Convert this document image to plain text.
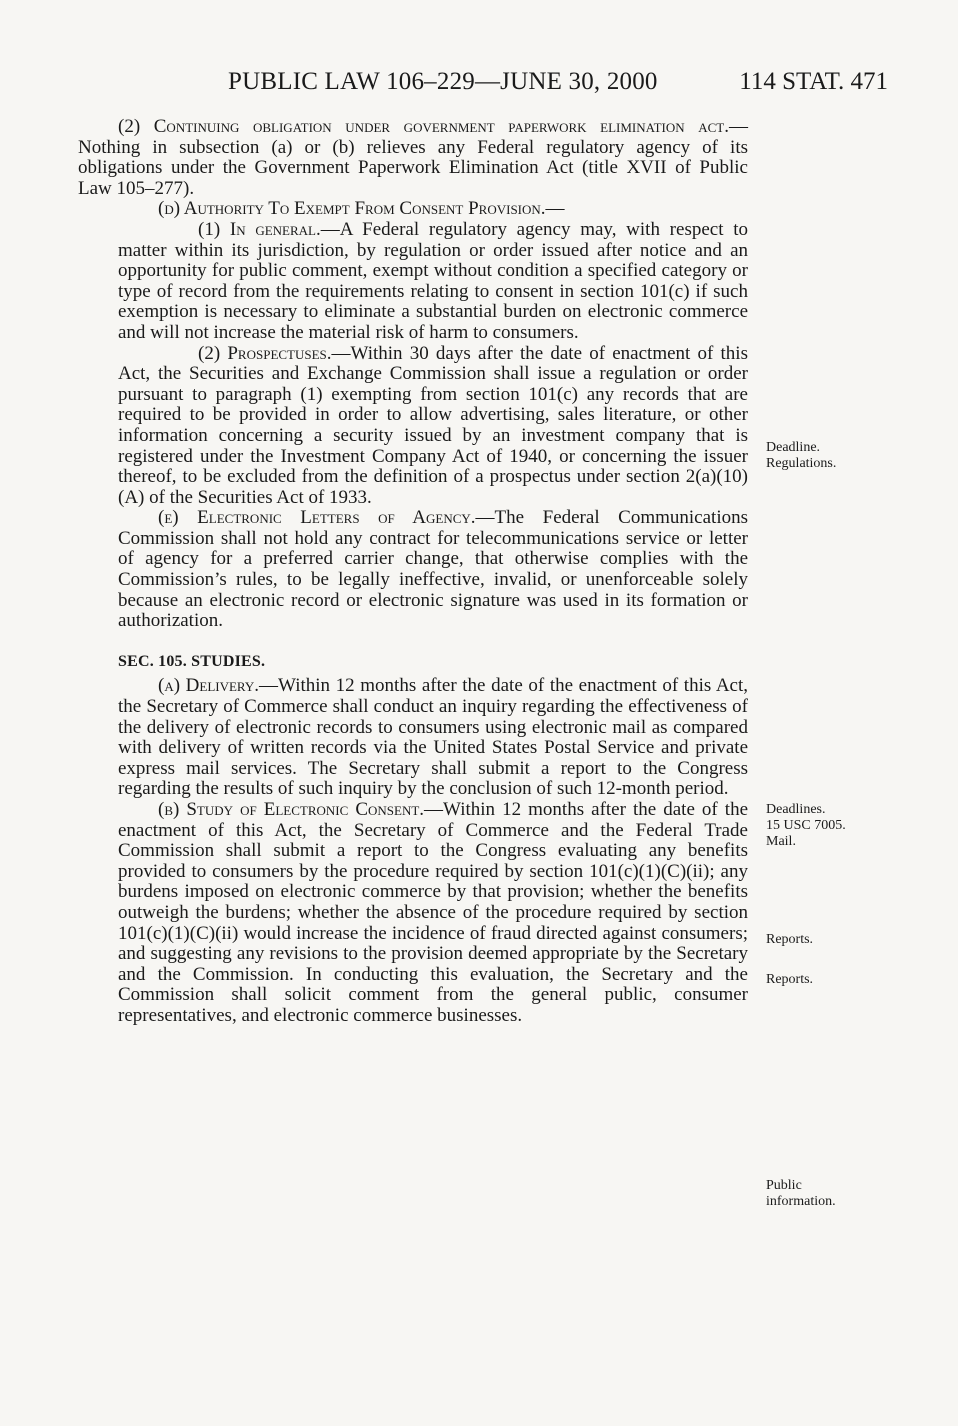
PUBLIC LAW 106–229—JUNE 30, 2000	114 STAT. 471

(2) Continuing obligation under government paperwork elimination act.—Nothing in subsection (a) or (b) relieves any Federal regulatory agency of its obligations under the Government Paperwork Elimination Act (title XVII of Public Law 105–277).

(d) Authority To Exempt From Consent Provision.—

(1) In general.—A Federal regulatory agency may, with respect to matter within its jurisdiction, by regulation or order issued after notice and an opportunity for public comment, exempt without condition a specified category or type of record from the requirements relating to consent in section 101(c) if such exemption is necessary to eliminate a substantial burden on electronic commerce and will not increase the material risk of harm to consumers.

(2) Prospectuses.—Within 30 days after the date of enactment of this Act, the Securities and Exchange Commission shall issue a regulation or order pursuant to paragraph (1) exempting from section 101(c) any records that are required to be provided in order to allow advertising, sales literature, or other information concerning a security issued by an investment company that is registered under the Investment Company Act of 1940, or concerning the issuer thereof, to be excluded from the definition of a prospectus under section 2(a)(10)(A) of the Securities Act of 1933.

(e) Electronic Letters of Agency.—The Federal Communications Commission shall not hold any contract for telecommunications service or letter of agency for a preferred carrier change, that otherwise complies with the Commission’s rules, to be legally ineffective, invalid, or unenforceable solely because an electronic record or electronic signature was used in its formation or authorization.

SEC. 105. STUDIES.

(a) Delivery.—Within 12 months after the date of the enactment of this Act, the Secretary of Commerce shall conduct an inquiry regarding the effectiveness of the delivery of electronic records to consumers using electronic mail as compared with delivery of written records via the United States Postal Service and private express mail services. The Secretary shall submit a report to the Congress regarding the results of such inquiry by the conclusion of such 12-month period.

(b) Study of Electronic Consent.—Within 12 months after the date of the enactment of this Act, the Secretary of Commerce and the Federal Trade Commission shall submit a report to the Congress evaluating any benefits provided to consumers by the procedure required by section 101(c)(1)(C)(ii); any burdens imposed on electronic commerce by that provision; whether the benefits outweigh the burdens; whether the absence of the procedure required by section 101(c)(1)(C)(ii) would increase the incidence of fraud directed against consumers; and suggesting any revisions to the provision deemed appropriate by the Secretary and the Commission. In conducting this evaluation, the Secretary and the Commission shall solicit comment from the general public, consumer representatives, and electronic commerce businesses.

Deadline.
Regulations.
Deadlines.
15 USC 7005.
Mail.
Reports.
Reports.
Public
information.
